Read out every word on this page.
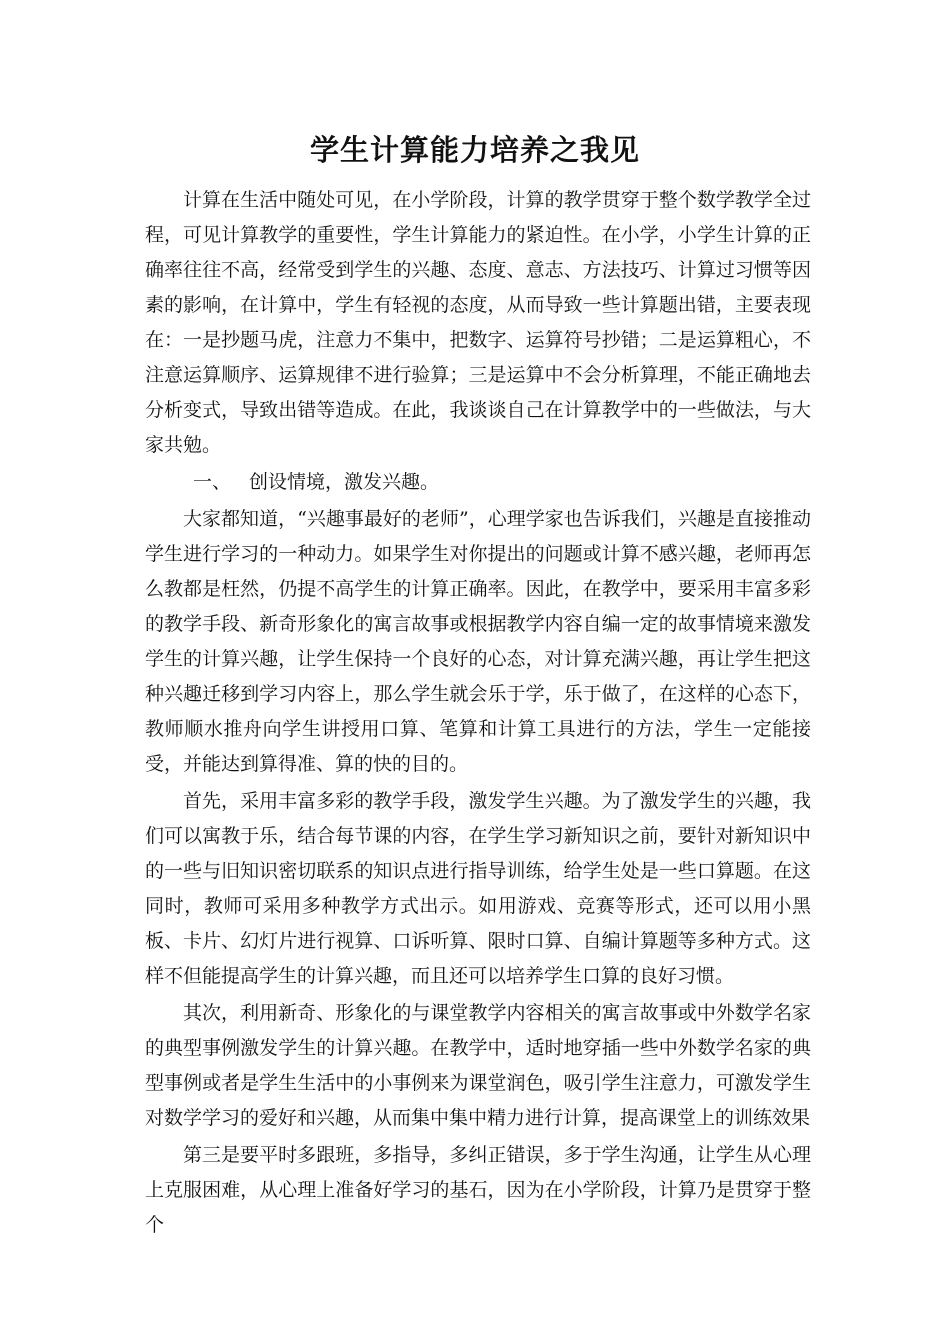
学生计算能力培养之我见

计算在生活中随处可见，在小学阶段，计算的教学贯穿于整个数学教学全过程，可见计算教学的重要性，学生计算能力的紧迫性。在小学，小学生计算的正确率往往不高，经常受到学生的兴趣、态度、意志、方法技巧、计算过习惯等因素的影响，在计算中，学生有轻视的态度，从而导致一些计算题出错，主要表现在：一是抄题马虎，注意力不集中，把数字、运算符号抄错；二是运算粗心，不注意运算顺序、运算规律不进行验算；三是运算中不会分析算理，不能正确地去分析变式，导致出错等造成。在此，我谈谈自己在计算教学中的一些做法，与大家共勉。

一、 创设情境，激发兴趣。

大家都知道，“兴趣事最好的老师”，心理学家也告诉我们，兴趣是直接推动学生进行学习的一种动力。如果学生对你提出的问题或计算不感兴趣，老师再怎么教都是枉然，仍提不高学生的计算正确率。因此，在教学中，要采用丰富多彩的教学手段、新奇形象化的寓言故事或根据教学内容自编一定的故事情境来激发学生的计算兴趣，让学生保持一个良好的心态，对计算充满兴趣，再让学生把这种兴趣迁移到学习内容上，那么学生就会乐于学，乐于做了，在这样的心态下，教师顺水推舟向学生讲授用口算、笔算和计算工具进行的方法，学生一定能接受，并能达到算得准、算的快的目的。

首先，采用丰富多彩的教学手段，激发学生兴趣。为了激发学生的兴趣，我们可以寓教于乐，结合每节课的内容，在学生学习新知识之前，要针对新知识中的一些与旧知识密切联系的知识点进行指导训练，给学生处是一些口算题。在这同时，教师可采用多种教学方式出示。如用游戏、竞赛等形式，还可以用小黑板、卡片、幻灯片进行视算、口诉听算、限时口算、自编计算题等多种方式。这样不但能提高学生的计算兴趣，而且还可以培养学生口算的良好习惯。

其次，利用新奇、形象化的与课堂教学内容相关的寓言故事或中外数学名家的典型事例激发学生的计算兴趣。在教学中，适时地穿插一些中外数学名家的典型事例或者是学生生活中的小事例来为课堂润色，吸引学生注意力，可激发学生对数学学习的爱好和兴趣，从而集中集中精力进行计算，提高课堂上的训练效果

第三是要平时多跟班，多指导，多纠正错误，多于学生沟通，让学生从心理上克服困难，从心理上准备好学习的基石，因为在小学阶段，计算乃是贯穿于整个
